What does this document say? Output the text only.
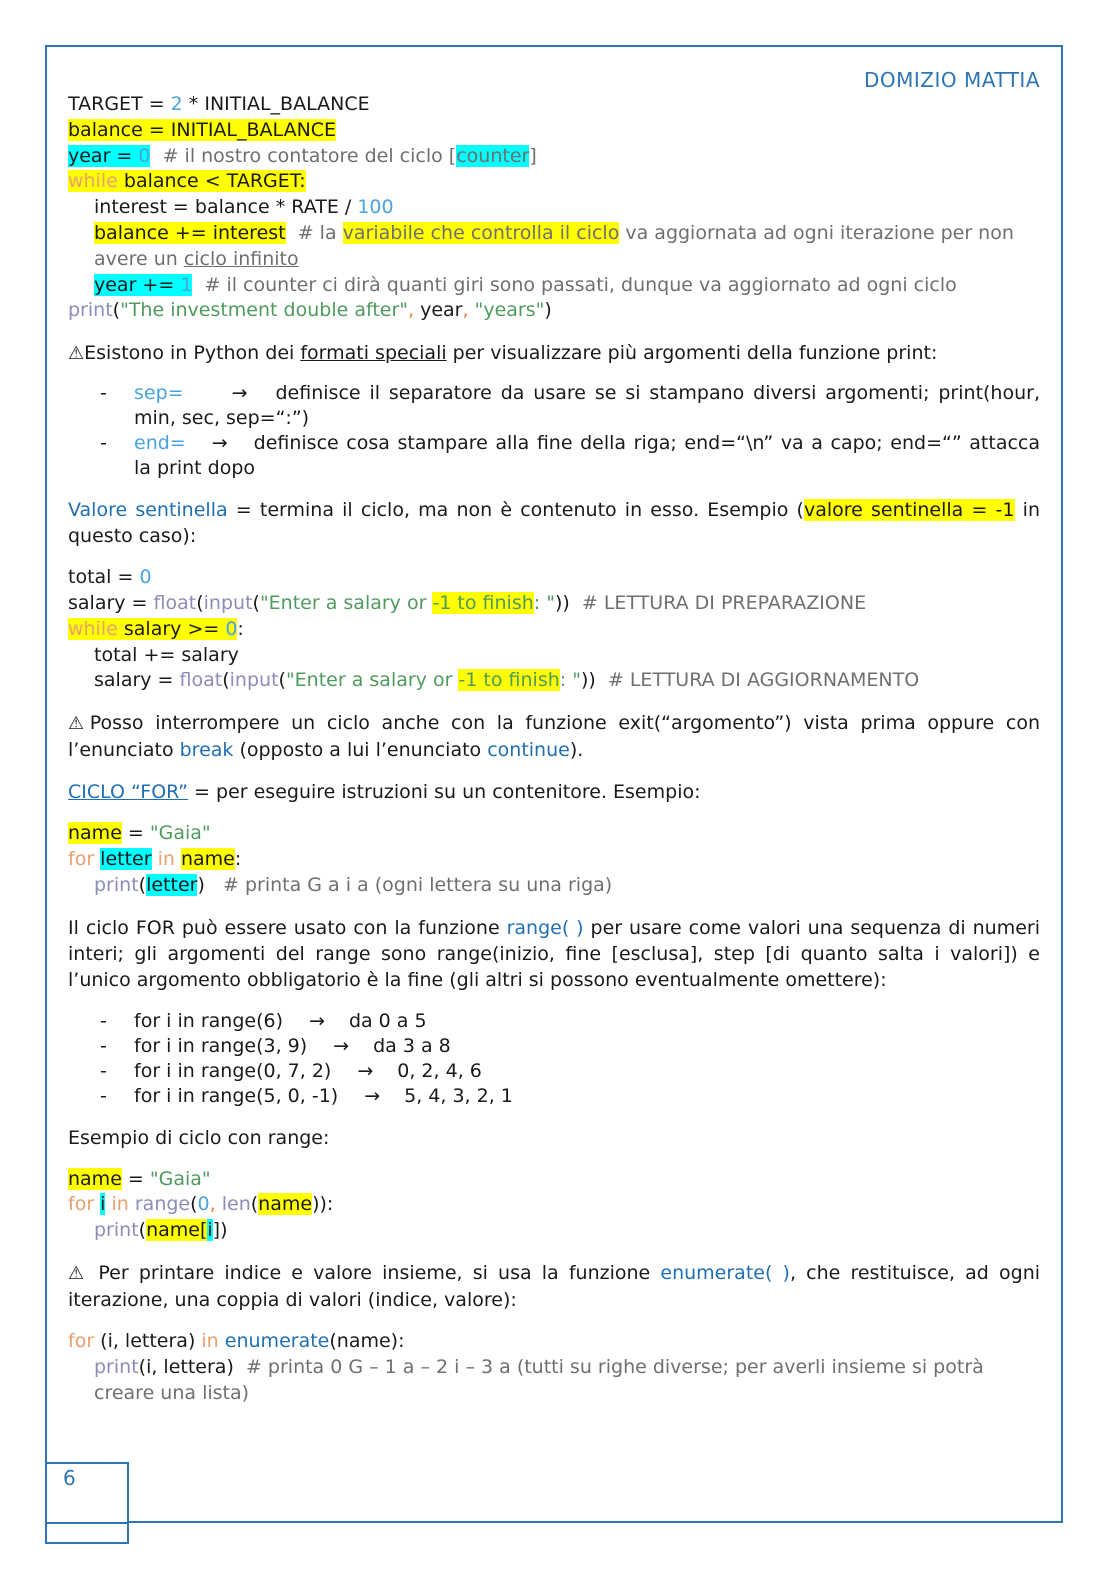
6
DOMIZIO MATTIA
TARGET = 2 * INITIAL_BALANCE
balance = INITIAL_BALANCE
year = 0 # il nostro contatore del ciclo [counter]
while balance < TARGET:
interest = balance * RATE / 100
balance += interest # la variabile che controlla il ciclo va aggiornata ad ogni iterazione per non avere un ciclo infinito
year += 1 # il counter ci dirà quanti giri sono passati, dunque va aggiornato ad ogni ciclo
print("The investment double after", year, "years")

⚠Esistono in Python dei formati speciali per visualizzare più argomenti della funzione print:

- sep=	→ definisce il separatore da usare se si stampano diversi argomenti; print(hour, min, sec, sep=“:”)
- end= → definisce cosa stampare alla fine della riga; end=“\n” va a capo; end=“” attacca la print dopo

Valore sentinella = termina il ciclo, ma non è contenuto in esso. Esempio (valore sentinella = -1 in questo caso):

total = 0
salary = float(input("Enter a salary or -1 to finish: ")) # LETTURA DI PREPARAZIONE
while salary >= 0:
total += salary
salary = float(input("Enter a salary or -1 to finish: ")) # LETTURA DI AGGIORNAMENTO

⚠Posso interrompere un ciclo anche con la funzione exit(“argomento”) vista prima oppure con l’enunciato break (opposto a lui l’enunciato continue).

CICLO “FOR” = per eseguire istruzioni su un contenitore. Esempio:

name = "Gaia"
for letter in name:
print(letter) # printa G a i a (ogni lettera su una riga)

Il ciclo FOR può essere usato con la funzione range( ) per usare come valori una sequenza di numeri interi; gli argomenti del range sono range(inizio, fine [esclusa], step [di quanto salta i valori]) e l’unico argomento obbligatorio è la fine (gli altri si possono eventualmente omettere):

- for i in range(6) → da 0 a 5
- for i in range(3, 9) → da 3 a 8
- for i in range(0, 7, 2) → 0, 2, 4, 6
- for i in range(5, 0, -1) → 5, 4, 3, 2, 1

Esempio di ciclo con range:

name = "Gaia"
for i in range(0, len(name)):
print(name[i])

⚠ Per printare indice e valore insieme, si usa la funzione enumerate( ), che restituisce, ad ogni iterazione, una coppia di valori (indice, valore):

for (i, lettera) in enumerate(name):
print(i, lettera) # printa 0 G – 1 a – 2 i – 3 a (tutti su righe diverse; per averli insieme si potrà creare una lista)
